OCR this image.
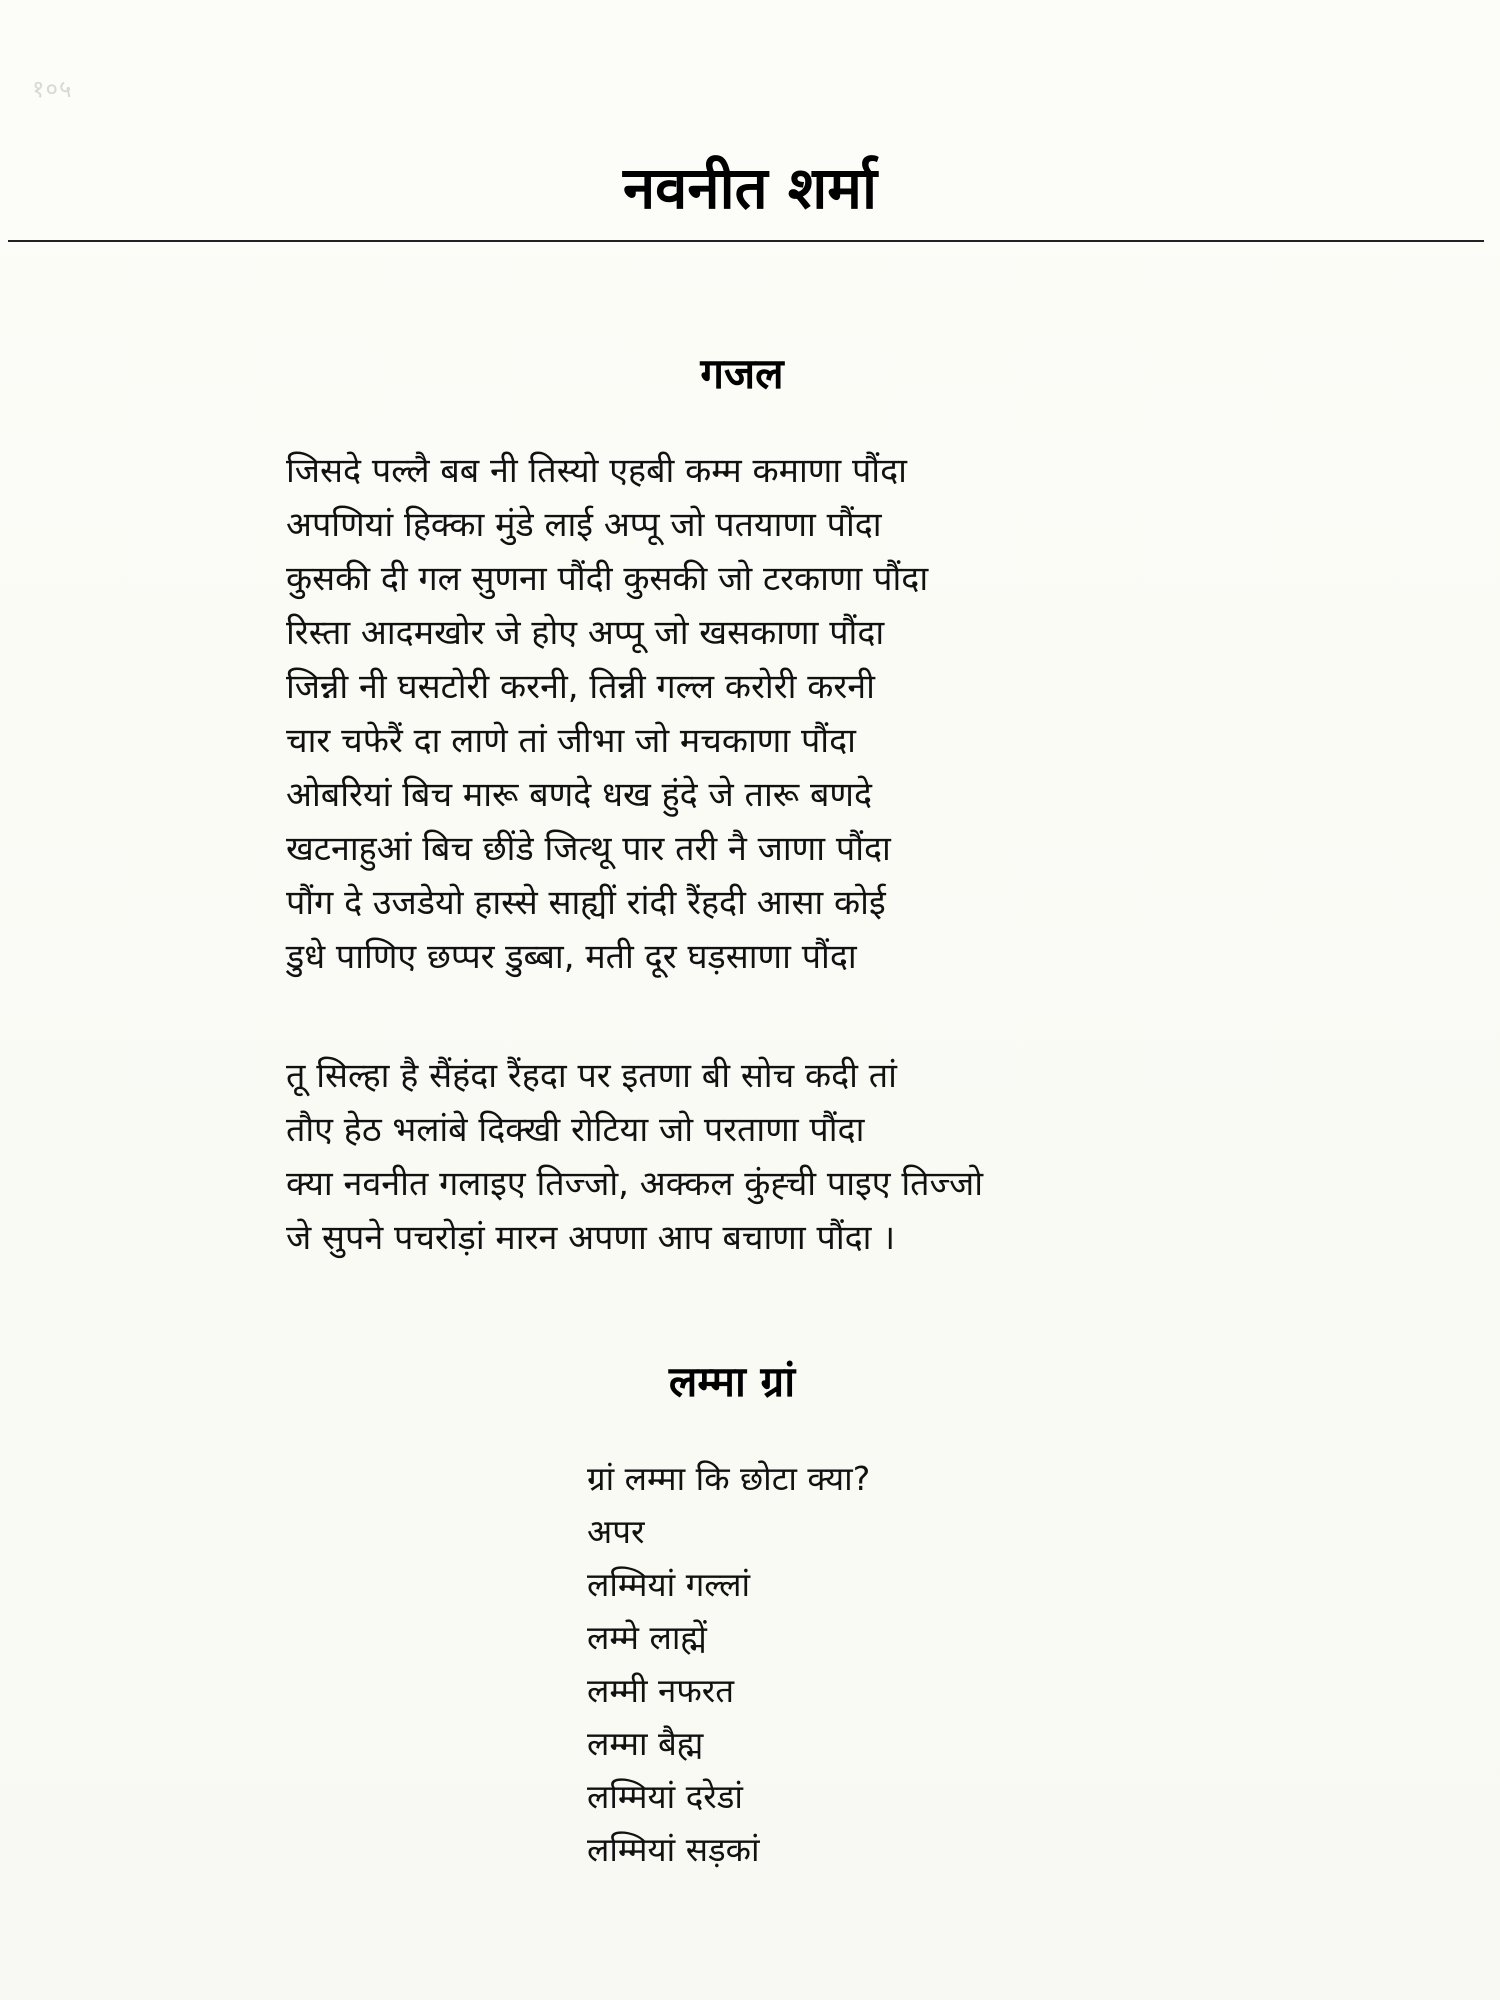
१०५
नवनीत शर्मा
गजल
जिसदे पल्लै बब नी तिस्यो एहबी कम्म कमाणा पौंदा
अपणियां हिक्का मुंडे लाई अप्पू जो पतयाणा पौंदा
कुसकी दी गल सुणना पौंदी कुसकी जो टरकाणा पौंदा
रिस्ता आदमखोर जे होए अप्पू जो खसकाणा पौंदा
जिन्नी नी घसटोरी करनी, तिन्नी गल्ल करोरी करनी
चार चफेरैं दा लाणे तां जीभा जो मचकाणा पौंदा
ओबरियां बिच मारू बणदे धख हुंदे जे तारू बणदे
खटनाहुआं बिच छींडे जित्थू पार तरी नै जाणा पौंदा
पौंग दे उजडेयो हास्से साह्यीं रांदी रैंहदी आसा कोई
डुधे पाणिए छप्पर डुब्बा, मती दूर घड़साणा पौंदा
तू सिल्हा है सैंहंदा रैंहदा पर इतणा बी सोच कदी तां
तौए हेठ भलांबे दिक्खी रोटिया जो परताणा पौंदा
क्या नवनीत गलाइए तिज्जो, अक्कल कुंह्ची पाइए तिज्जो
जे सुपने पचरोड़ां मारन अपणा आप बचाणा पौंदा ।
लम्मा ग्रां
ग्रां लम्मा कि छोटा क्या?
अपर
लम्मियां गल्लां
लम्मे लाह्में
लम्मी नफरत
लम्मा बैह्म
लम्मियां दरेडां
लम्मियां सड़कां
